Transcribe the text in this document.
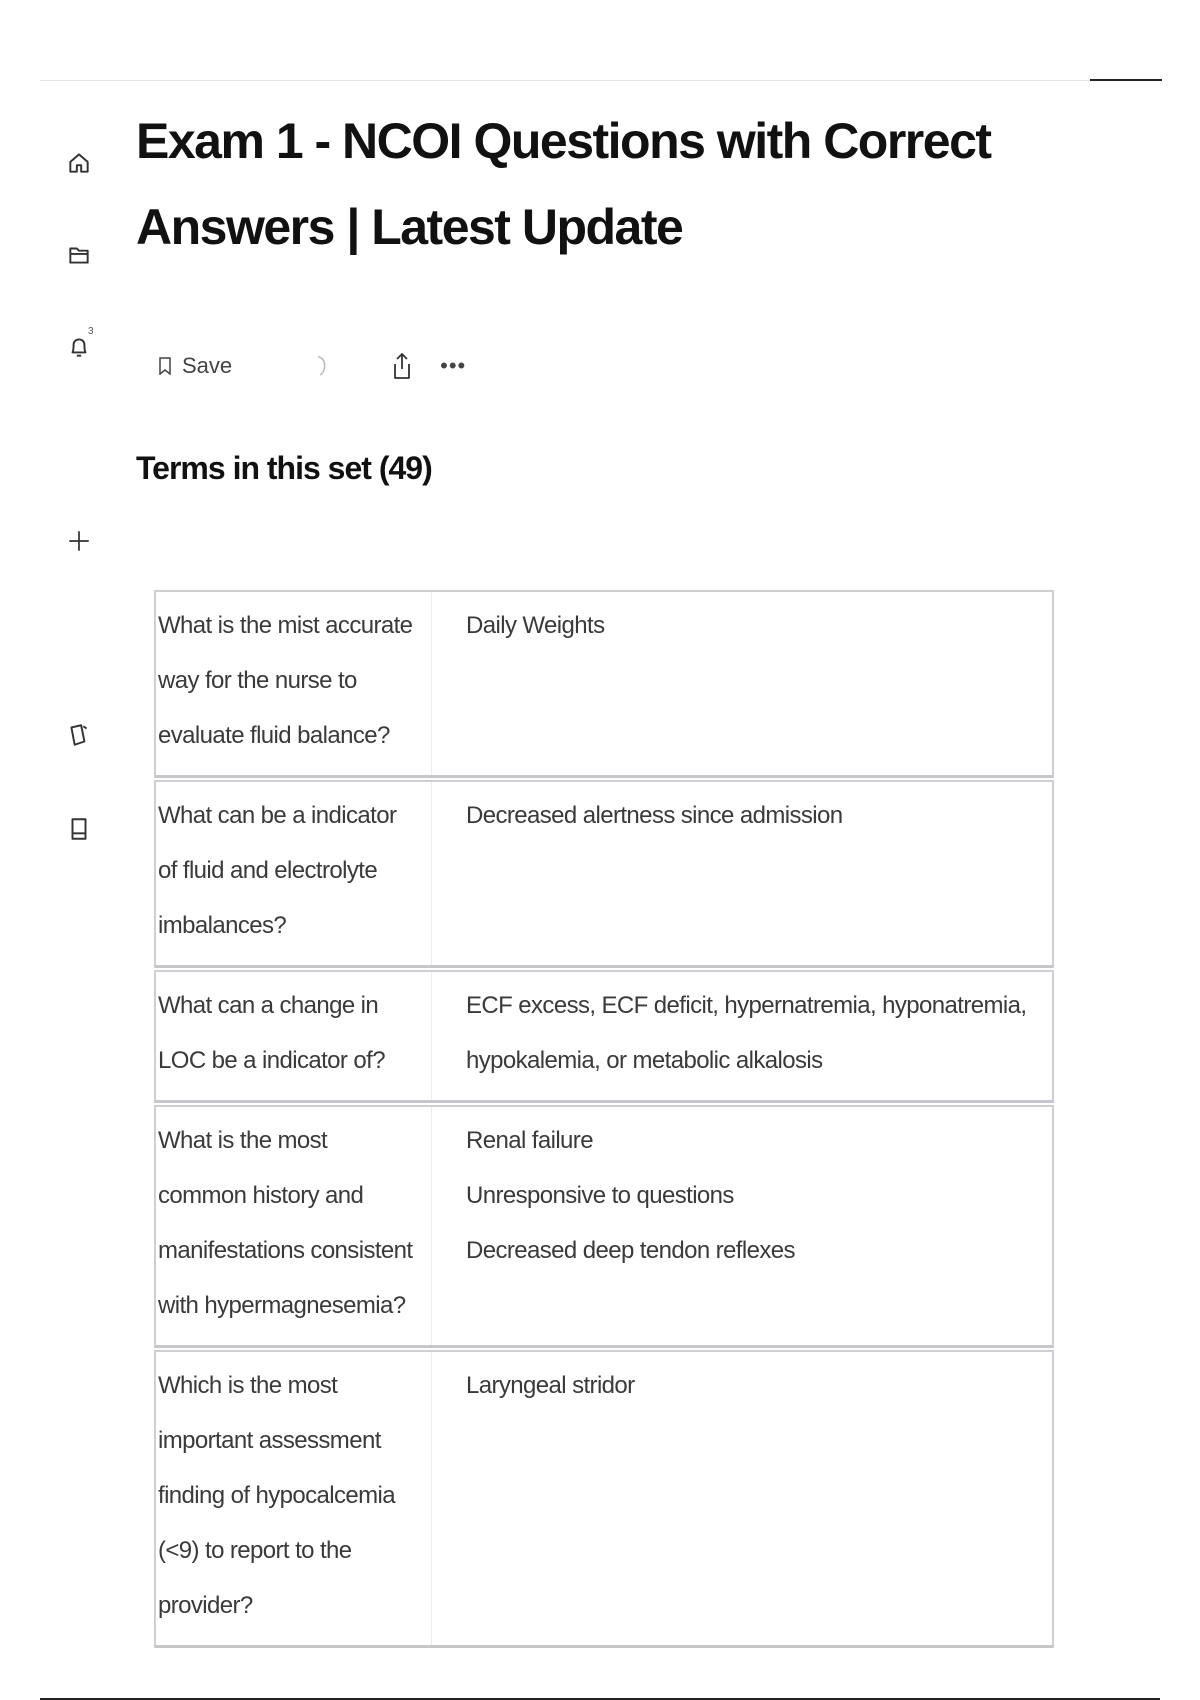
3
Exam 1 - NCOI Questions with Correct Answers | Latest Update
Save	•••
Terms in this set (49)
What is the mist accurate way for the nurse to evaluate fluid balance?
Daily Weights
What can be a indicator of fluid and electrolyte imbalances?
Decreased alertness since admission
What can a change in LOC be a indicator of?
ECF excess, ECF deficit, hypernatremia, hyponatremia, hypokalemia, or metabolic alkalosis
What is the most common history and manifestations consistent with hypermagnesemia?
Renal failure
Unresponsive to questions
Decreased deep tendon reflexes
Which is the most important assessment finding of hypocalcemia (<9) to report to the provider?
Laryngeal stridor
